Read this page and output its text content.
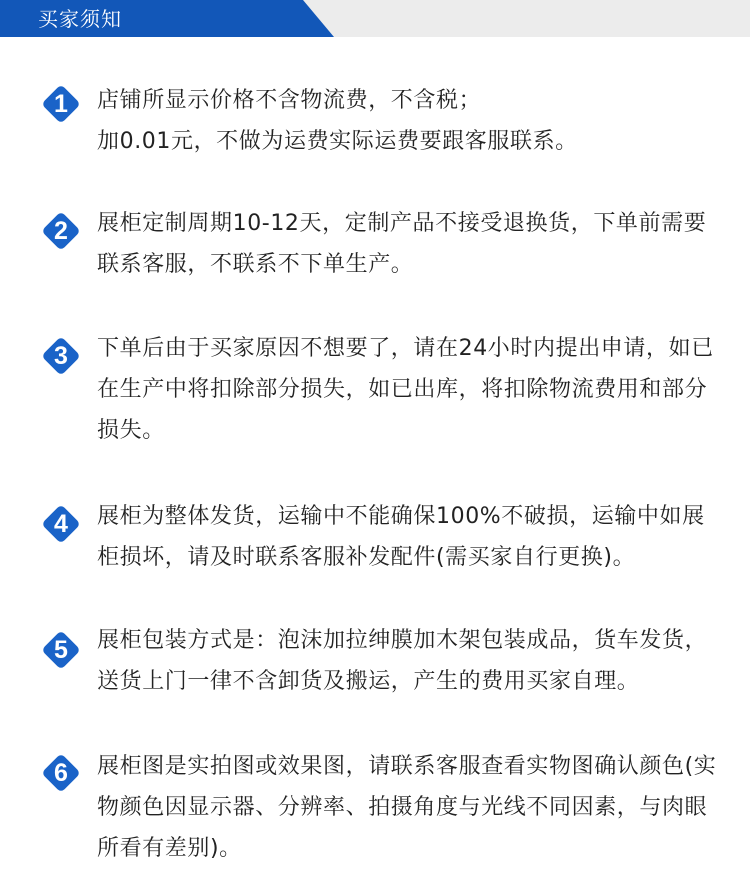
买家须知
1	店铺所显示价格不含物流费，不含税；
加0.01元，不做为运费实际运费要跟客服联系。
2	展柜定制周期10-12天，定制产品不接受退换货，下单前需要联系客服，不联系不下单生产。
3	下单后由于买家原因不想要了，请在24小时内提出申请，如已在生产中将扣除部分损失，如已出库，将扣除物流费用和部分损失。
4	展柜为整体发货，运输中不能确保100%不破损，运输中如展柜损坏，请及时联系客服补发配件(需买家自行更换)。
5	展柜包装方式是：泡沫加拉绅膜加木架包装成品，货车发货，送货上门一律不含卸货及搬运，产生的费用买家自理。
6	展柜图是实拍图或效果图，请联系客服查看实物图确认颜色(实物颜色因显示器、分辨率、拍摄角度与光线不同因素，与肉眼所看有差别)。
